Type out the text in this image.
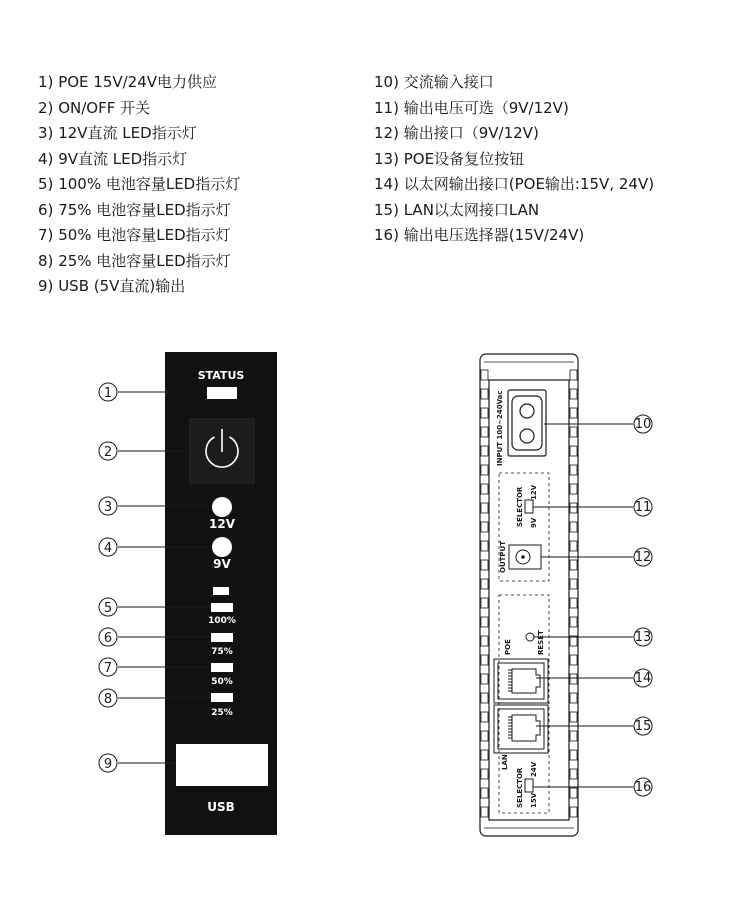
1) POE 15V/24V电力供应
2) ON/OFF 开关
3) 12V直流 LED指示灯
4) 9V直流 LED指示灯
5) 100% 电池容量LED指示灯
6) 75% 电池容量LED指示灯
7) 50% 电池容量LED指示灯
8) 25% 电池容量LED指示灯
9) USB (5V直流)输出
10) 交流输入接口
11) 输出电压可选（9V/12V)
12) 输出接口（9V/12V)
13) POE设备复位按钮
14) 以太网输出接口(POE输出:15V, 24V)
15) LAN以太网接口LAN
16) 输出电压选择器(15V/24V)
STATUS
12V
9V
100%
75%
50%
25%
USB
1
2
3
4
5
6
7
8
9
INPUT 100~240Vac
SELECTOR 12V
9V
OUTPUT
POE	RESET
LAN
SELECTOR 24V
15V
10
11
12
13
14
15
16
